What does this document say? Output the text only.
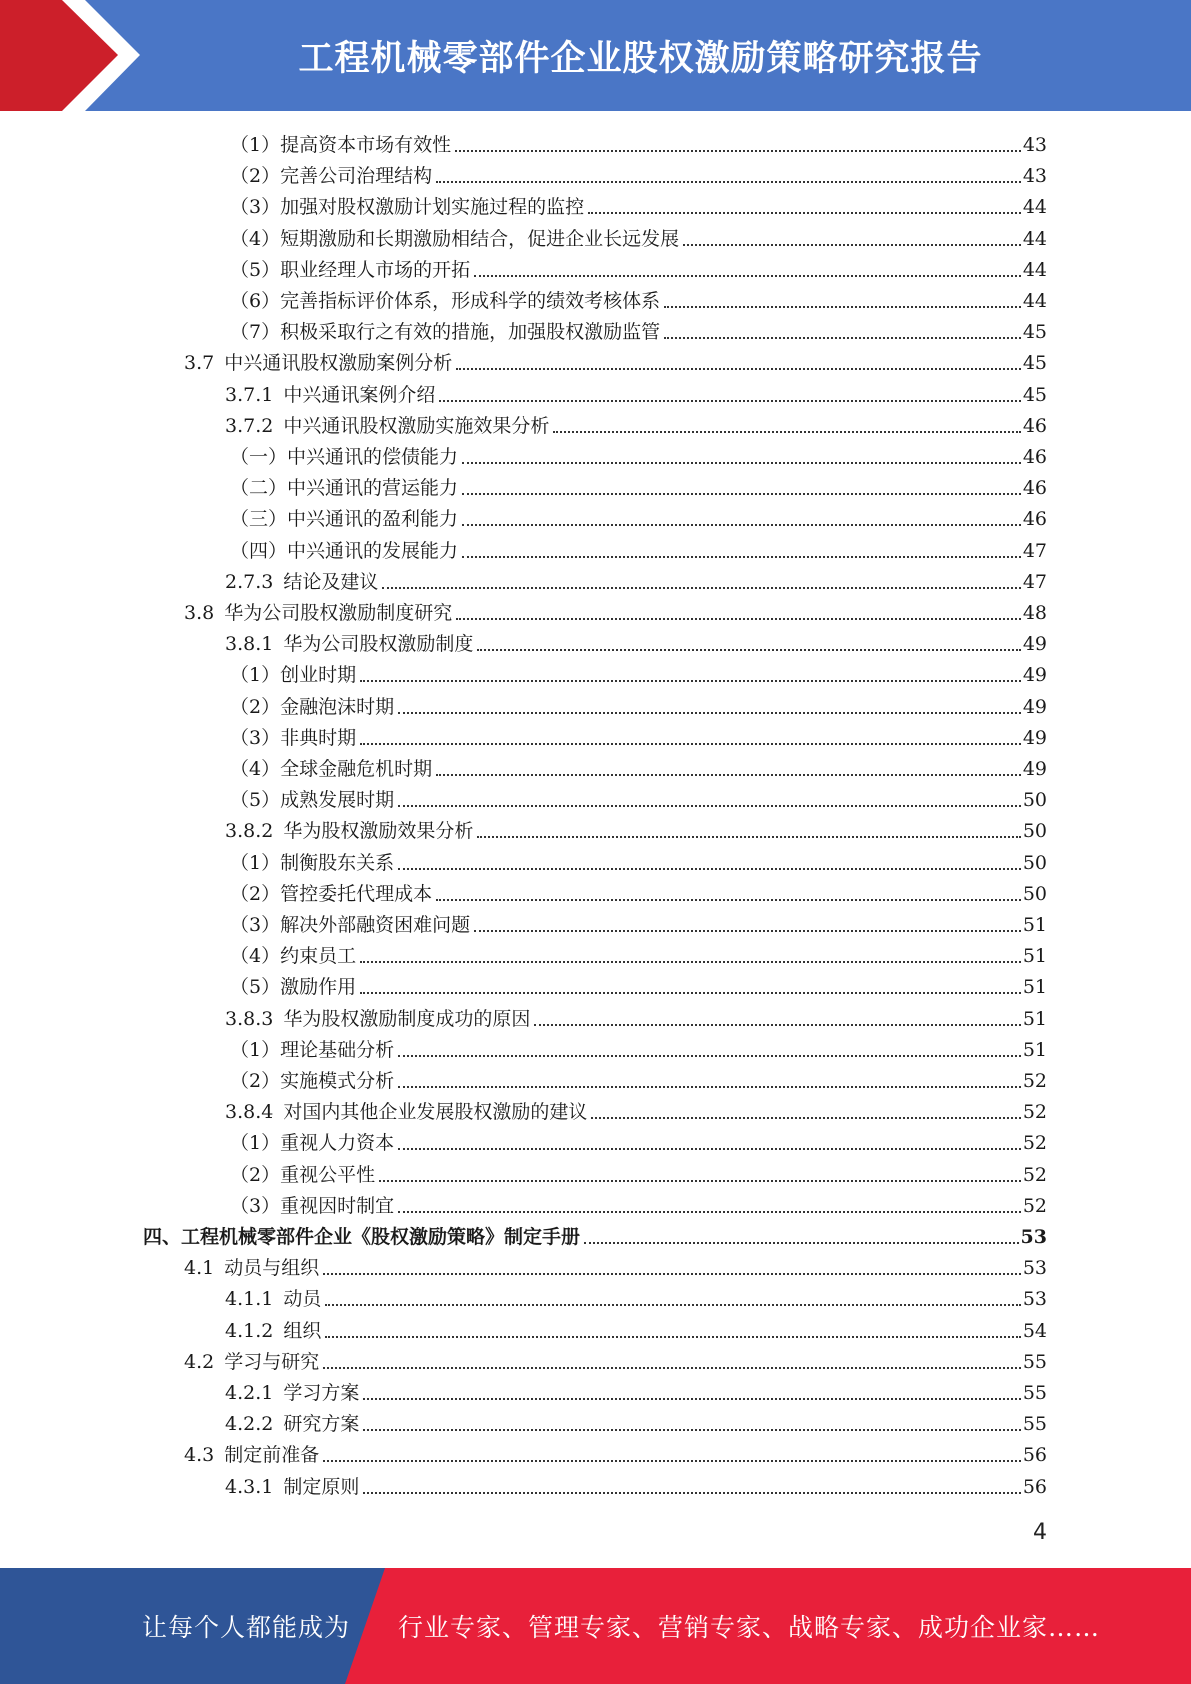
工程机械零部件企业股权激励策略研究报告
（1）提高资本市场有效性	43
（2）完善公司治理结构	43
（3）加强对股权激励计划实施过程的监控	44
（4）短期激励和长期激励相结合，促进企业长远发展	44
（5）职业经理人市场的开拓	44
（6）完善指标评价体系，形成科学的绩效考核体系	44
（7）积极采取行之有效的措施，加强股权激励监管	45
3.7 中兴通讯股权激励案例分析	45
3.7.1 中兴通讯案例介绍	45
3.7.2 中兴通讯股权激励实施效果分析	46
（一）中兴通讯的偿债能力	46
（二）中兴通讯的营运能力	46
（三）中兴通讯的盈利能力	46
（四）中兴通讯的发展能力	47
2.7.3 结论及建议	47
3.8 华为公司股权激励制度研究	48
3.8.1 华为公司股权激励制度	49
（1）创业时期	49
（2）金融泡沫时期	49
（3）非典时期	49
（4）全球金融危机时期	49
（5）成熟发展时期	50
3.8.2 华为股权激励效果分析	50
（1）制衡股东关系	50
（2）管控委托代理成本	50
（3）解决外部融资困难问题	51
（4）约束员工	51
（5）激励作用	51
3.8.3 华为股权激励制度成功的原因	51
（1）理论基础分析	51
（2）实施模式分析	52
3.8.4 对国内其他企业发展股权激励的建议	52
（1）重视人力资本	52
（2）重视公平性	52
（3）重视因时制宜	52
四、工程机械零部件企业《股权激励策略》制定手册	53
4.1 动员与组织	53
4.1.1 动员	53
4.1.2 组织	54
4.2 学习与研究	55
4.2.1 学习方案	55
4.2.2 研究方案	55
4.3 制定前准备	56
4.3.1 制定原则	56
4
让每个人都能成为 行业专家、管理专家、营销专家、战略专家、成功企业家……
